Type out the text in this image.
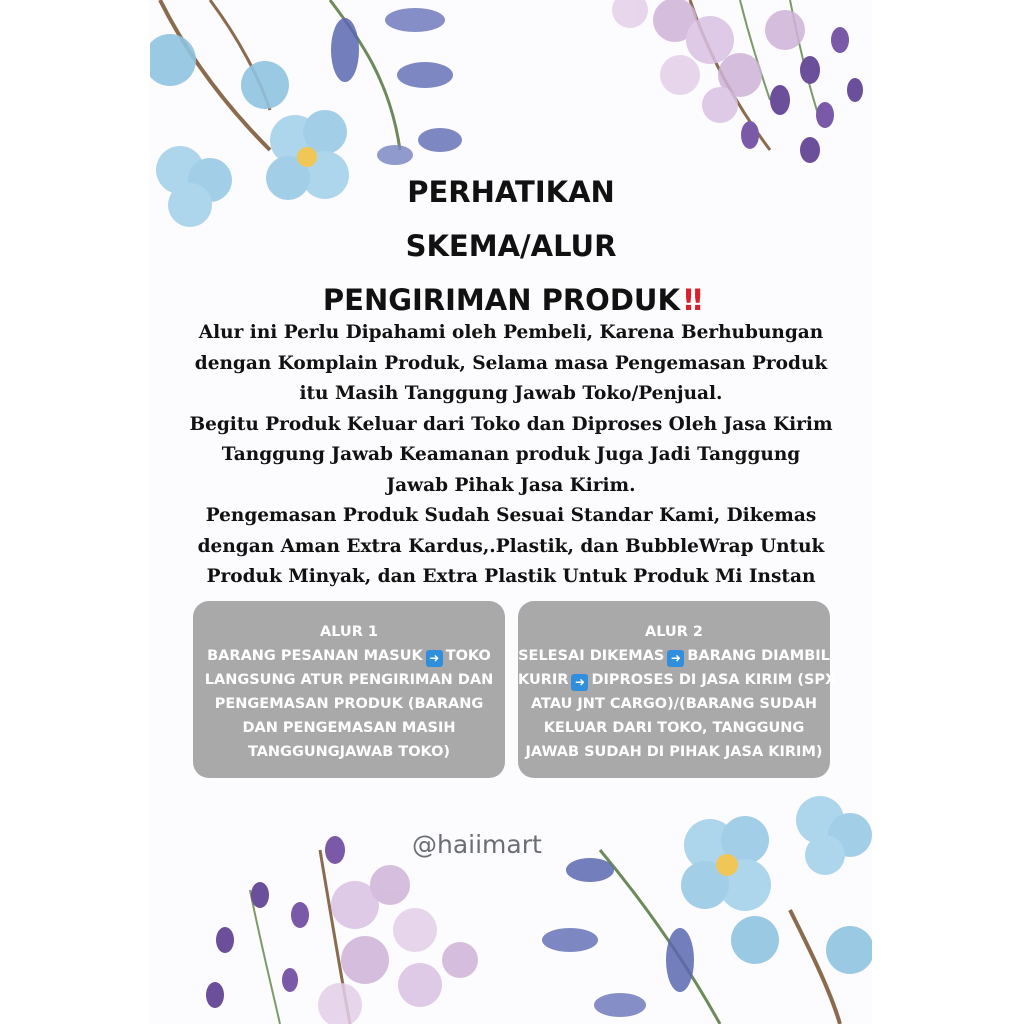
PERHATIKAN
SKEMA/ALUR
PENGIRIMAN PRODUK ‼
Alur ini Perlu Dipahami oleh Pembeli, Karena Berhubungan
dengan Komplain Produk, Selama masa Pengemasan Produk
itu Masih Tanggung Jawab Toko/Penjual.
Begitu Produk Keluar dari Toko dan Diproses Oleh Jasa Kirim
Tanggung Jawab Keamanan produk Juga Jadi Tanggung
Jawab Pihak Jasa Kirim.
Pengemasan Produk Sudah Sesuai Standar Kami, Dikemas
dengan Aman Extra Kardus,.Plastik, dan BubbleWrap Untuk
Produk Minyak, dan Extra Plastik Untuk Produk Mi Instan
ALUR 1
BARANG PESANAN MASUK ➜ TOKO
LANGSUNG ATUR PENGIRIMAN DAN
PENGEMASAN PRODUK (BARANG
DAN PENGEMASAN MASIH
TANGGUNGJAWAB TOKO)
ALUR 2
SELESAI DIKEMAS ➜ BARANG DIAMBIL
KURIR ➜ DIPROSES DI JASA KIRIM (SPX
ATAU JNT CARGO)/(BARANG SUDAH
KELUAR DARI TOKO, TANGGUNG
JAWAB SUDAH DI PIHAK JASA KIRIM)
@haiimart
